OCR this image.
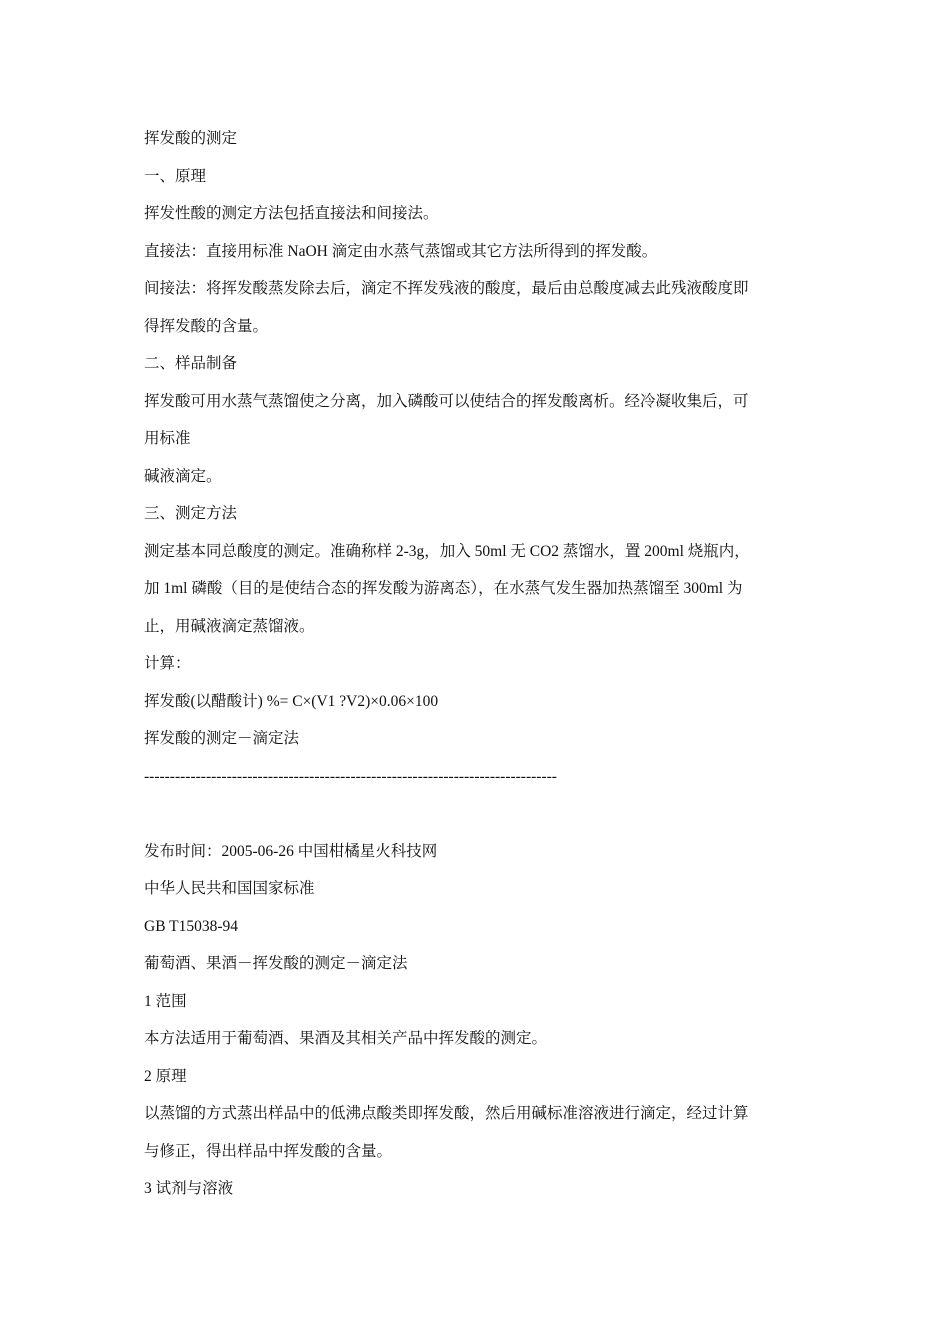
挥发酸的测定
一、原理
挥发性酸的测定方法包括直接法和间接法。
直接法：直接用标准 NaOH 滴定由水蒸气蒸馏或其它方法所得到的挥发酸。
间接法：将挥发酸蒸发除去后，滴定不挥发残液的酸度，最后由总酸度减去此残液酸度即
得挥发酸的含量。
二、样品制备
挥发酸可用水蒸气蒸馏使之分离，加入磷酸可以使结合的挥发酸离析。经冷凝收集后，可
用标准
碱液滴定。
三、测定方法
测定基本同总酸度的测定。准确称样 2-3g，加入 50ml 无 CO2 蒸馏水，置 200ml 烧瓶内，
加 1ml 磷酸（目的是使结合态的挥发酸为游离态），在水蒸气发生器加热蒸馏至 300ml 为
止，用碱液滴定蒸馏液。
计算：
挥发酸(以醋酸计) %= C×(V1 ?V2)×0.06×100
挥发酸的测定－滴定法
--------------------------------------------------------------------------------
发布时间：2005-06-26 中国柑橘星火科技网
中华人民共和国国家标准
GB T15038-94
葡萄酒、果酒－挥发酸的测定－滴定法
1 范围
本方法适用于葡萄酒、果酒及其相关产品中挥发酸的测定。
2 原理
以蒸馏的方式蒸出样品中的低沸点酸类即挥发酸，然后用碱标准溶液进行滴定，经过计算
与修正，得出样品中挥发酸的含量。
3 试剂与溶液
